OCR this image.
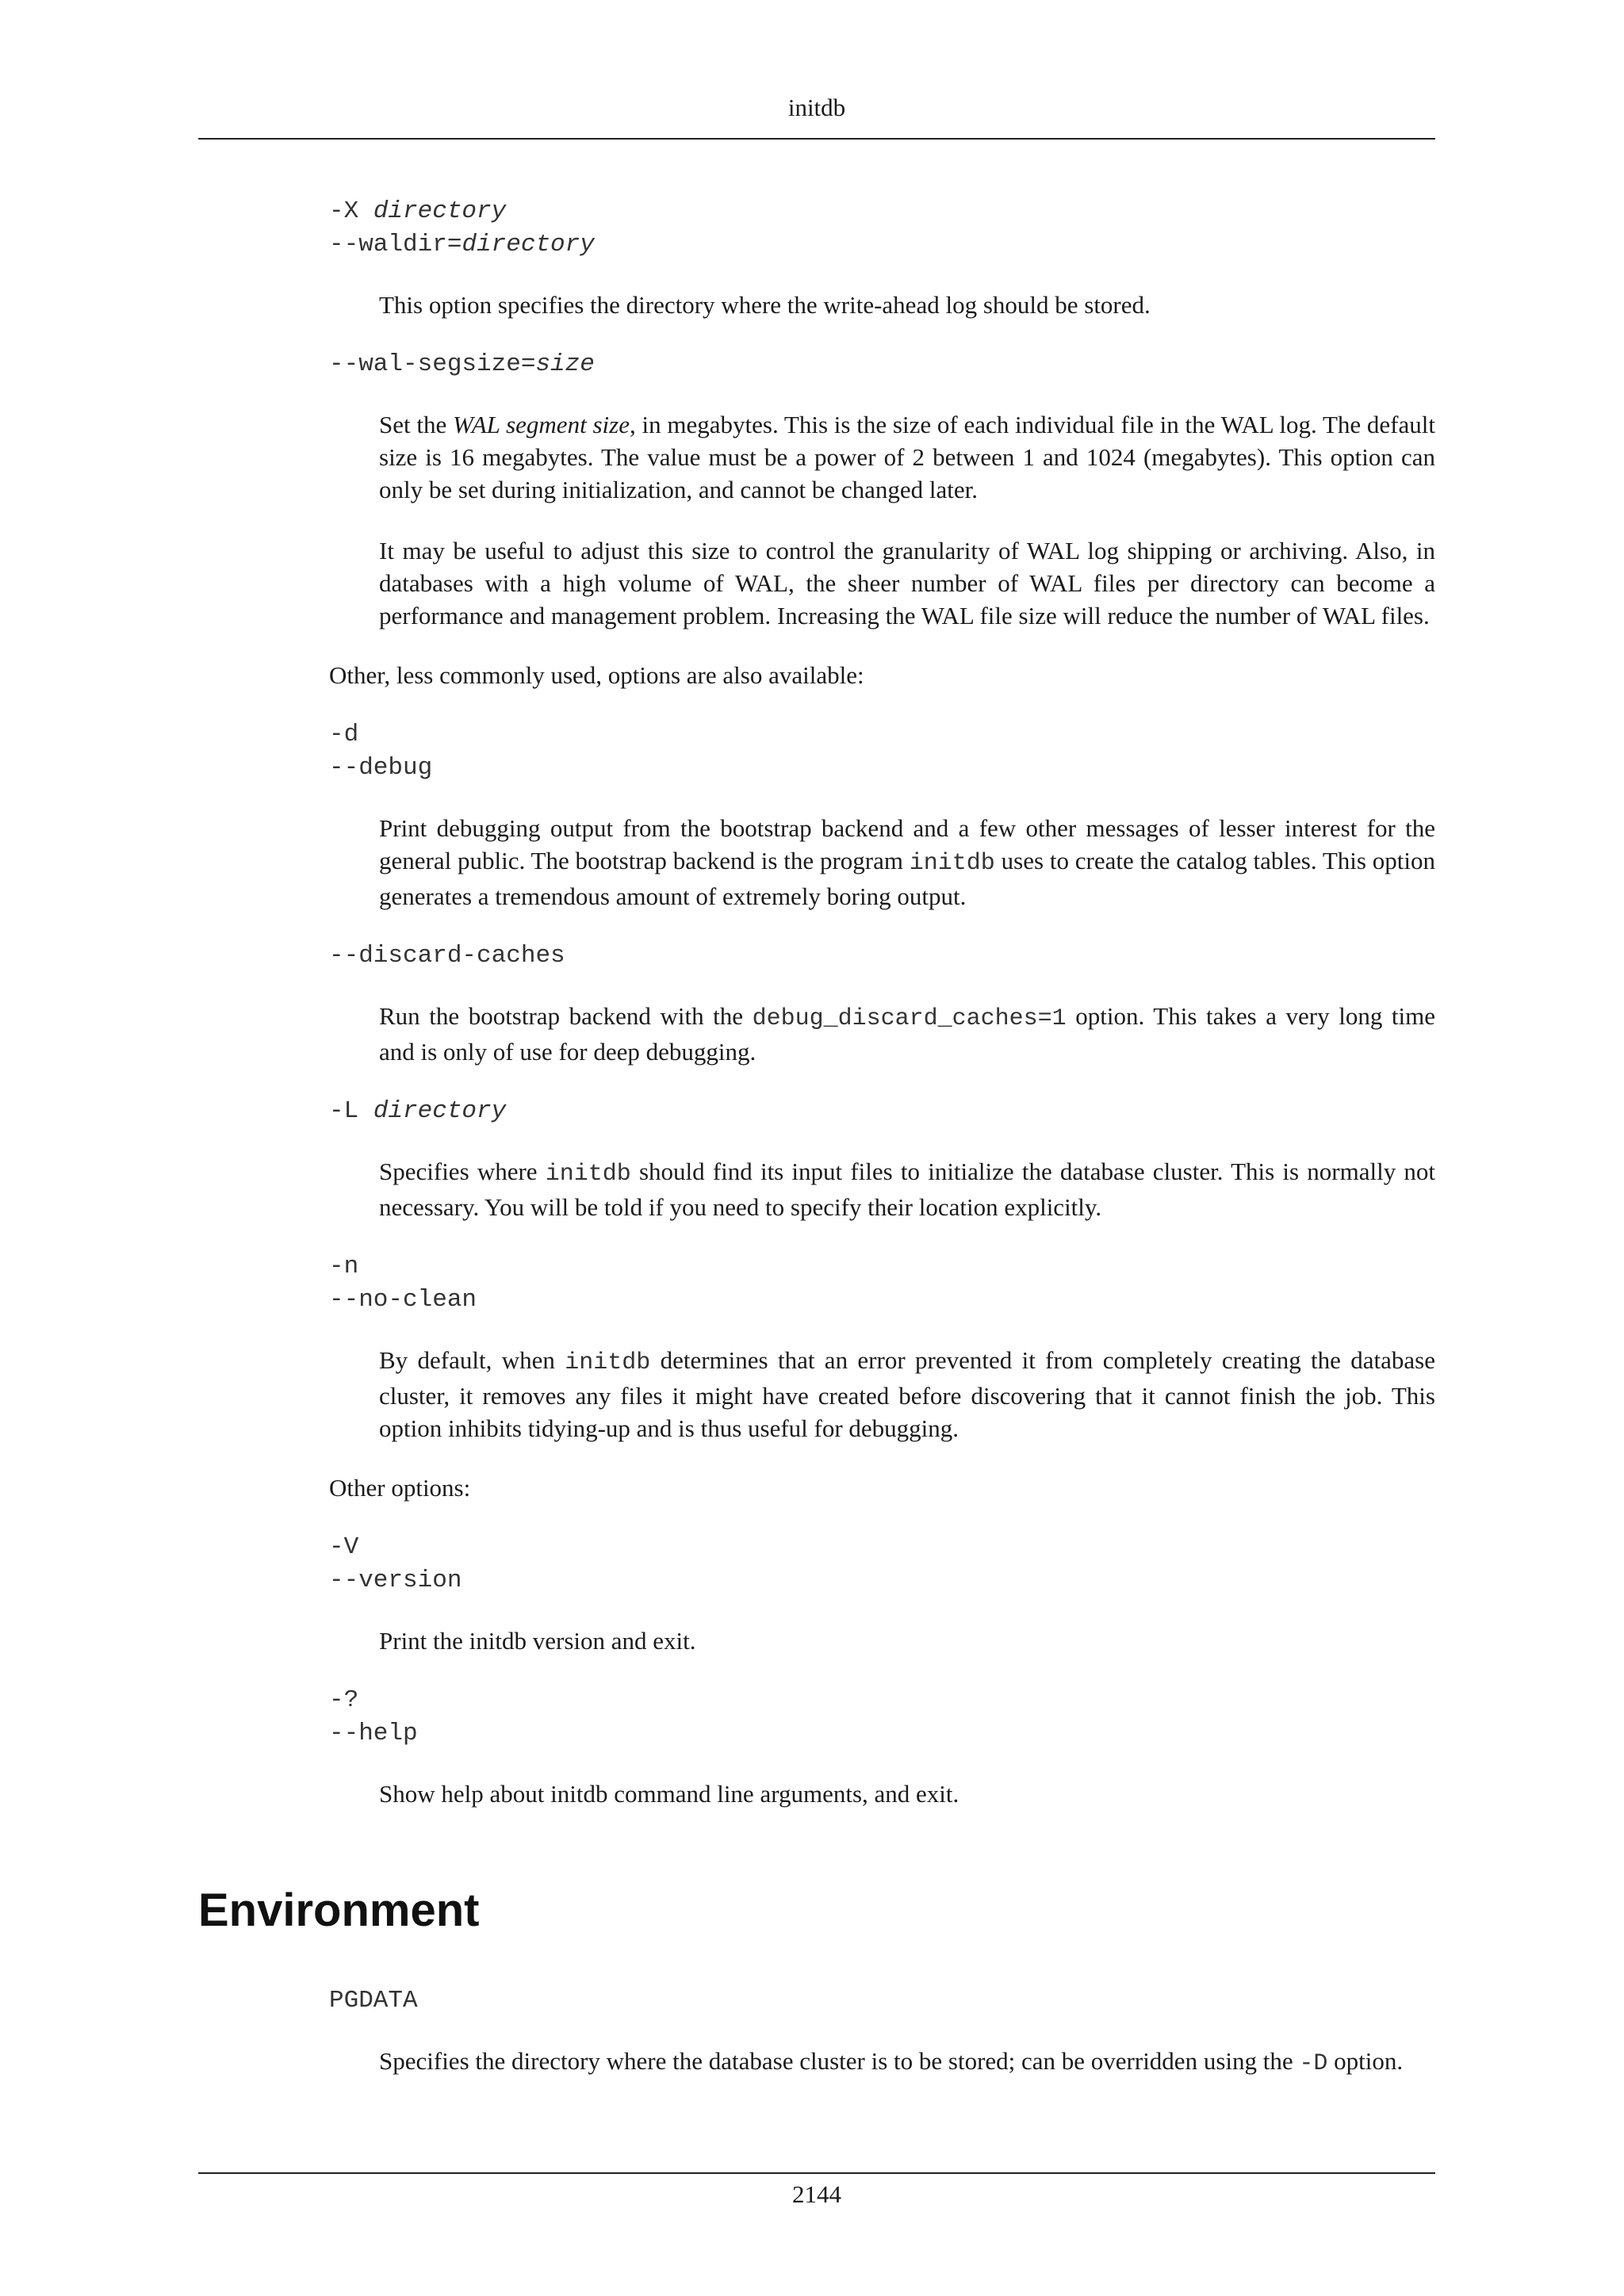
initdb

-X directory

--waldir=directory

This option specifies the directory where the write-ahead log should be stored.

--wal-segsize=size

Set the WAL segment size, in megabytes. This is the size of each individual file in the WAL log. The default size is 16 megabytes. The value must be a power of 2 between 1 and 1024 (megabytes). This option can only be set during initialization, and cannot be changed later.

It may be useful to adjust this size to control the granularity of WAL log shipping or archiving. Also, in databases with a high volume of WAL, the sheer number of WAL files per directory can become a performance and management problem. Increasing the WAL file size will reduce the number of WAL files.

Other, less commonly used, options are also available:

-d

--debug

Print debugging output from the bootstrap backend and a few other messages of lesser interest for the general public. The bootstrap backend is the program initdb uses to create the catalog tables. This option generates a tremendous amount of extremely boring output.

--discard-caches

Run the bootstrap backend with the debug_discard_caches=1 option. This takes a very long time and is only of use for deep debugging.

-L directory

Specifies where initdb should find its input files to initialize the database cluster. This is normally not necessary. You will be told if you need to specify their location explicitly.

-n

--no-clean

By default, when initdb determines that an error prevented it from completely creating the database cluster, it removes any files it might have created before discovering that it cannot finish the job. This option inhibits tidying-up and is thus useful for debugging.

Other options:

-V

--version

Print the initdb version and exit.

-?

--help

Show help about initdb command line arguments, and exit.

Environment

PGDATA

Specifies the directory where the database cluster is to be stored; can be overridden using the -D option.

2144
